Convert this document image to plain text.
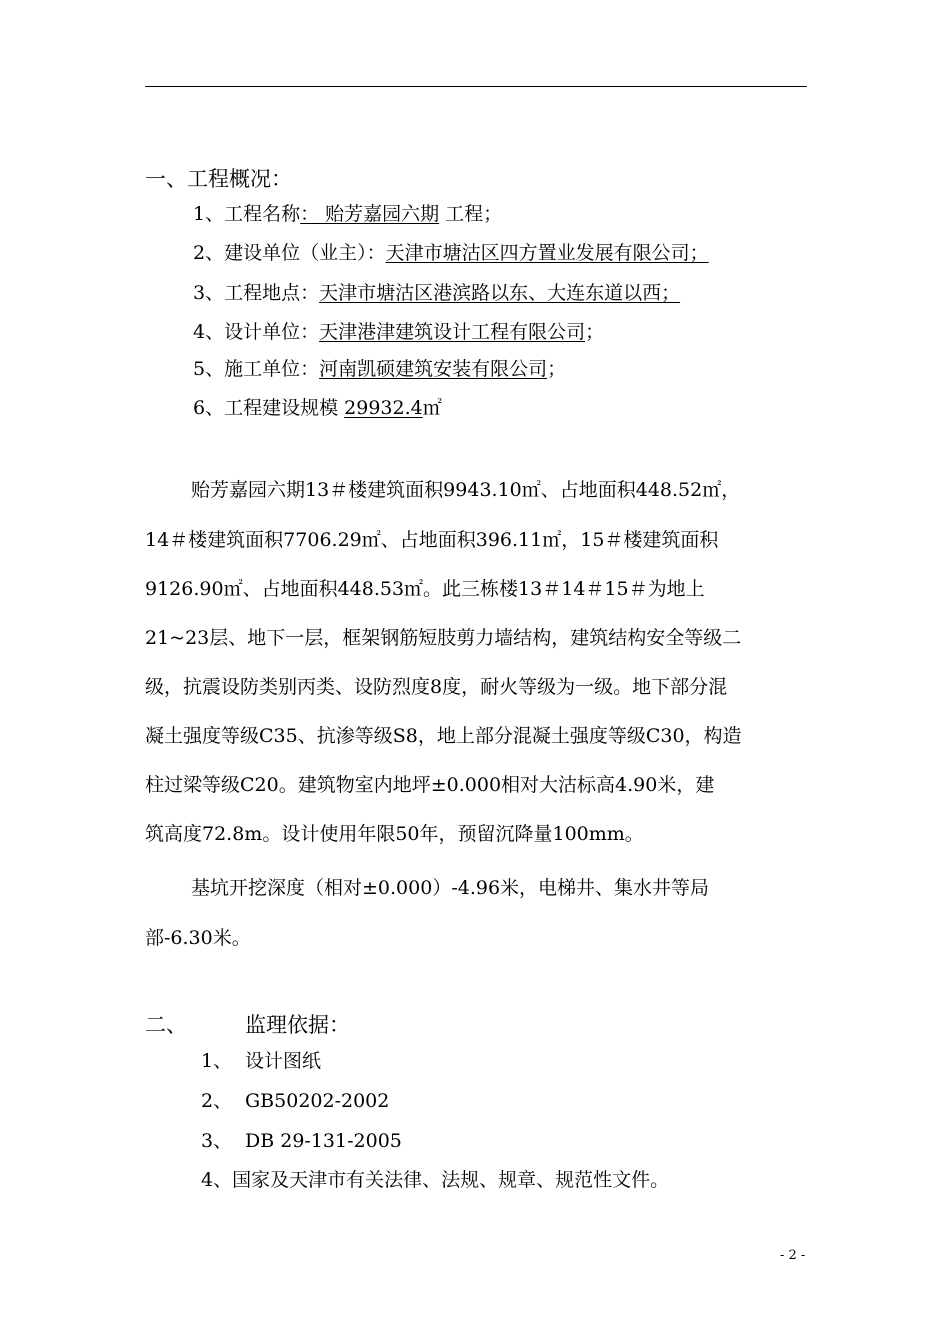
一、工程概况：
1、工程名称： 贻芳嘉园六期 工程；
2、建设单位（业主）：天津市塘沽区四方置业发展有限公司；
3、工程地点：天津市塘沽区港滨路以东、大连东道以西；
4、设计单位：天津港津建筑设计工程有限公司；
5、施工单位：河南凯硕建筑安装有限公司；
6、工程建设规模 29932.4㎡
贻芳嘉园六期13＃楼建筑面积9943.10㎡、占地面积448.52㎡，
14＃楼建筑面积7706.29㎡、占地面积396.11㎡，15＃楼建筑面积
9126.90㎡、占地面积448.53㎡。此三栋楼13＃14＃15＃为地上
21~23层、地下一层，框架钢筋短肢剪力墙结构，建筑结构安全等级二
级，抗震设防类别丙类、设防烈度8度，耐火等级为一级。地下部分混
凝土强度等级C35、抗渗等级S8，地上部分混凝土强度等级C30，构造
柱过梁等级C20。建筑物室内地坪±0.000相对大沽标高4.90米，建
筑高度72.8m。设计使用年限50年，预留沉降量100mm。
基坑开挖深度（相对±0.000）-4.96米，电梯井、集水井等局
部-6.30米。
二、	监理依据：
1、 设计图纸
2、 GB50202-2002
3、 DB 29-131-2005
4、国家及天津市有关法律、法规、规章、规范性文件。
- 2 -
